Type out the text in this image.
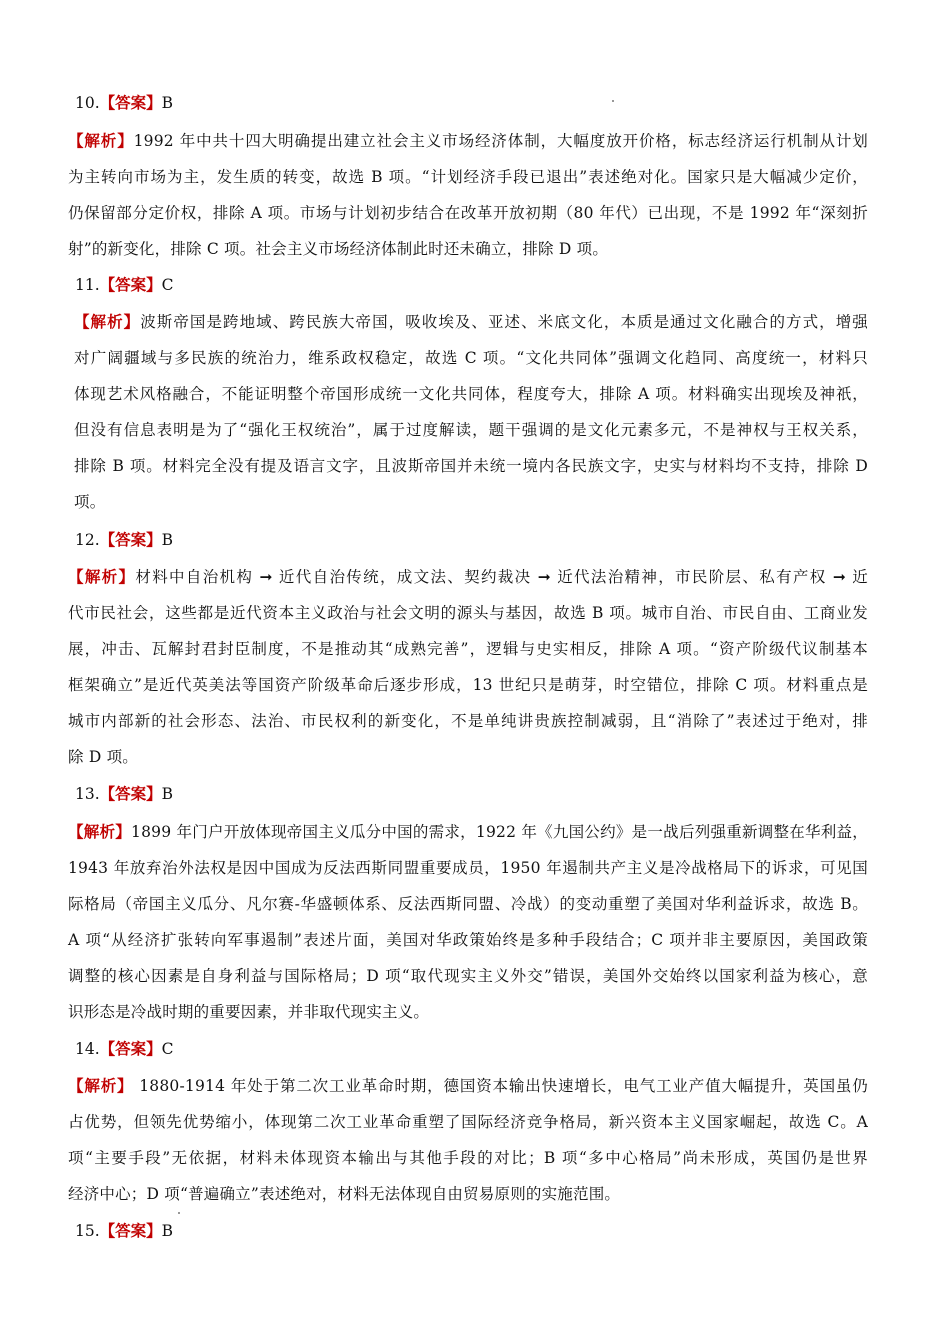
10.【答案】B
【解析】1992 年中共十四大明确提出建立社会主义市场经济体制，大幅度放开价格，标志经济运行机制从计划
为主转向市场为主，发生质的转变，故选 B 项。“计划经济手段已退出”表述绝对化。国家只是大幅减少定价，
仍保留部分定价权，排除 A 项。市场与计划初步结合在改革开放初期（80 年代）已出现，不是 1992 年“深刻折
射”的新变化，排除 C 项。社会主义市场经济体制此时还未确立，排除 D 项。
11.【答案】C
【解析】波斯帝国是跨地域、跨民族大帝国，吸收埃及、亚述、米底文化，本质是通过文化融合的方式，增强
对广阔疆域与多民族的统治力，维系政权稳定，故选 C 项。“文化共同体”强调文化趋同、高度统一，材料只
体现艺术风格融合，不能证明整个帝国形成统一文化共同体，程度夸大，排除 A 项。材料确实出现埃及神祇，
但没有信息表明是为了“强化王权统治”，属于过度解读，题干强调的是文化元素多元，不是神权与王权关系，
排除 B 项。材料完全没有提及语言文字，且波斯帝国并未统一境内各民族文字，史实与材料均不支持，排除 D
项。
12.【答案】B
【解析】材料中自治机构 ➞ 近代自治传统，成文法、契约裁决 ➞ 近代法治精神，市民阶层、私有产权 ➞ 近
代市民社会，这些都是近代资本主义政治与社会文明的源头与基因，故选 B 项。城市自治、市民自由、工商业发
展，冲击、瓦解封君封臣制度，不是推动其“成熟完善”，逻辑与史实相反，排除 A 项。“资产阶级代议制基本
框架确立”是近代英美法等国资产阶级革命后逐步形成，13 世纪只是萌芽，时空错位，排除 C 项。材料重点是
城市内部新的社会形态、法治、市民权利的新变化，不是单纯讲贵族控制减弱，且“消除了”表述过于绝对，排
除 D 项。
13.【答案】B
【解析】1899 年门户开放体现帝国主义瓜分中国的需求，1922 年《九国公约》是一战后列强重新调整在华利益，
1943 年放弃治外法权是因中国成为反法西斯同盟重要成员，1950 年遏制共产主义是冷战格局下的诉求，可见国
际格局（帝国主义瓜分、凡尔赛-华盛顿体系、反法西斯同盟、冷战）的变动重塑了美国对华利益诉求，故选 B。
A 项“从经济扩张转向军事遏制”表述片面，美国对华政策始终是多种手段结合；C 项并非主要原因，美国政策
调整的核心因素是自身利益与国际格局；D 项“取代现实主义外交”错误，美国外交始终以国家利益为核心，意
识形态是冷战时期的重要因素，并非取代现实主义。
14.【答案】C
【解析】 1880-1914 年处于第二次工业革命时期，德国资本输出快速增长，电气工业产值大幅提升，英国虽仍
占优势，但领先优势缩小，体现第二次工业革命重塑了国际经济竞争格局，新兴资本主义国家崛起，故选 C。A
项“主要手段”无依据，材料未体现资本输出与其他手段的对比；B 项“多中心格局”尚未形成，英国仍是世界
经济中心；D 项“普遍确立”表述绝对，材料无法体现自由贸易原则的实施范围。
15.【答案】B
